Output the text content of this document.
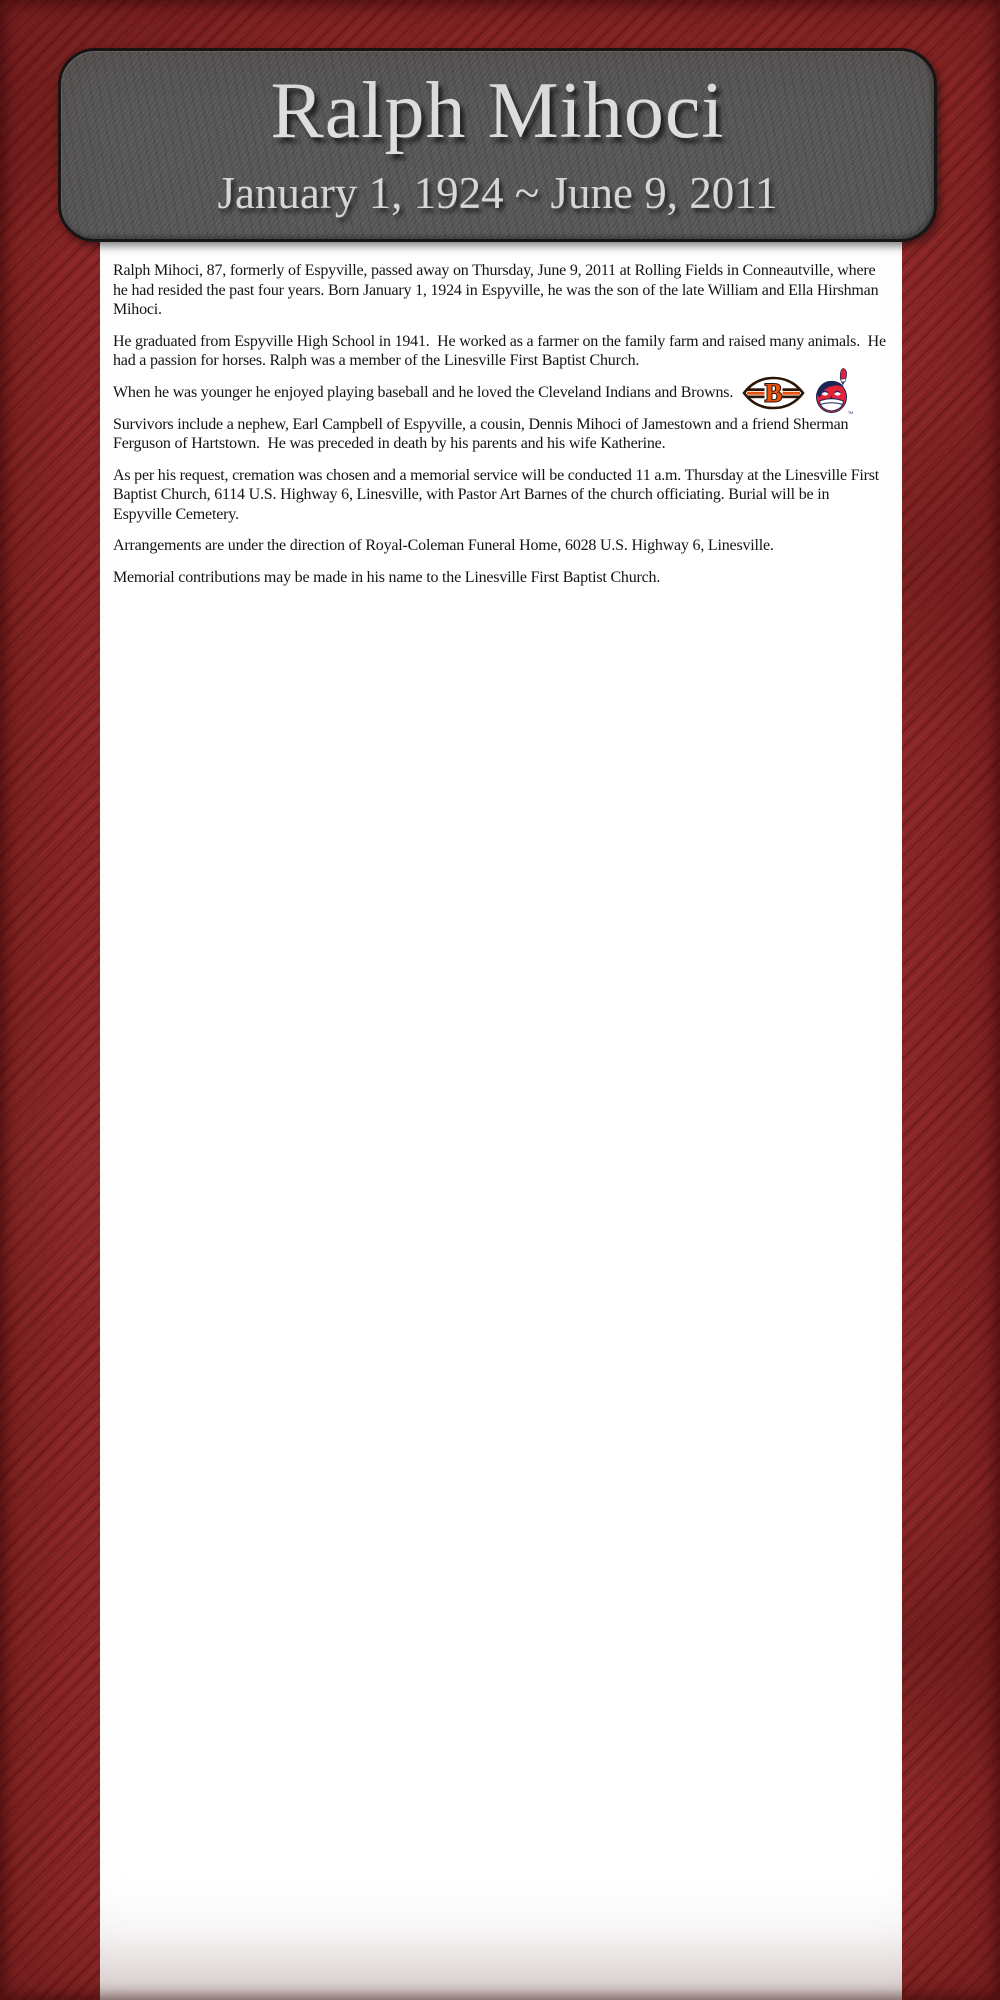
Ralph Mihoci
January 1, 1924 ~ June 9, 2011

Ralph Mihoci, 87, formerly of Espyville, passed away on Thursday, June 9, 2011 at Rolling Fields in Conneautville, where he had resided the past four years. Born January 1, 1924 in Espyville, he was the son of the late William and Ella Hirshman Mihoci.

He graduated from Espyville High School in 1941.  He worked as a farmer on the family farm and raised many animals.  He had a passion for horses. Ralph was a member of the Linesville First Baptist Church.

When he was younger he enjoyed playing baseball and he loved the Cleveland Indians and Browns. B
TM

Survivors include a nephew, Earl Campbell of Espyville, a cousin, Dennis Mihoci of Jamestown and a friend Sherman Ferguson of Hartstown.  He was preceded in death by his parents and his wife Katherine.

As per his request, cremation was chosen and a memorial service will be conducted 11 a.m. Thursday at the Linesville First Baptist Church, 6114 U.S. Highway 6, Linesville, with Pastor Art Barnes of the church officiating. Burial will be in Espyville Cemetery.

Arrangements are under the direction of Royal-Coleman Funeral Home, 6028 U.S. Highway 6, Linesville.

Memorial contributions may be made in his name to the Linesville First Baptist Church.
